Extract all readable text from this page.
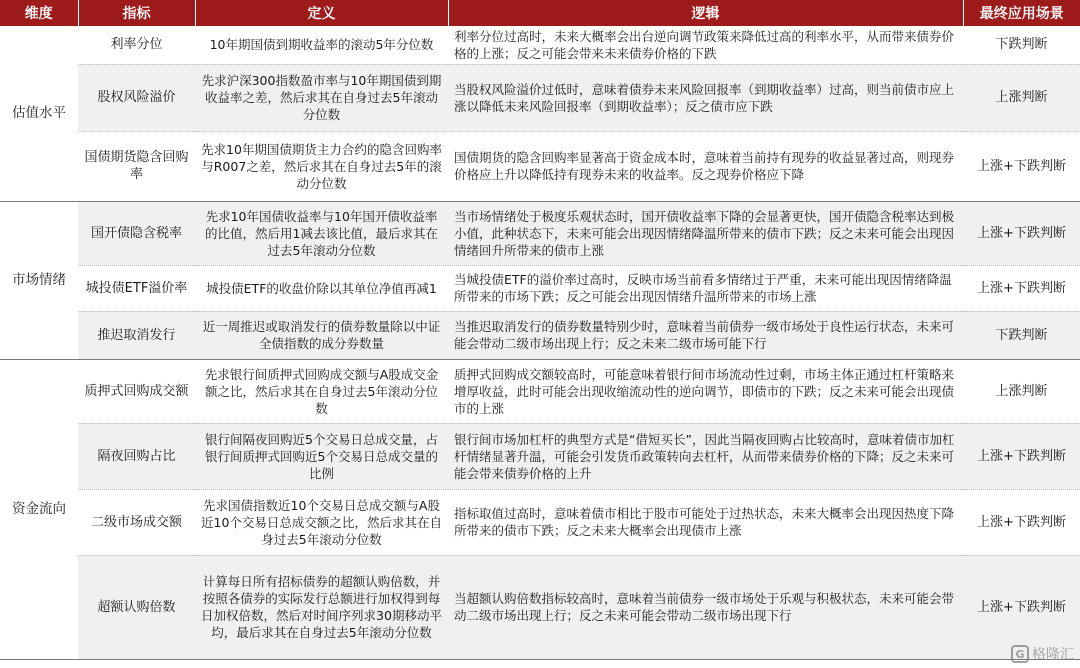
维度	指标	定义	逻辑	最终应用场景
估值水平	利率分位	10年期国债到期收益率的滚动5年分位数	利率分位过高时，未来大概率会出台逆向调节政策来降低过高的利率水平，从而带来债券价格的上涨；反之可能会带来未来债券价格的下跌	下跌判断
	股权风险溢价	先求沪深300指数盈市率与10年期国债到期收益率之差，然后求其在自身过去5年滚动分位数	当股权风险溢价过低时，意味着债券未来风险回报率（到期收益率）过高，则当前债市应上涨以降低未来风险回报率（到期收益率）；反之债市应下跌	上涨判断
	国债期货隐含回购率	先求10年期国债期货主力合约的隐含回购率与R007之差，然后求其在自身过去5年的滚动分位数	国债期货的隐含回购率显著高于资金成本时，意味着当前持有现券的收益显著过高，则现券价格应上升以降低持有现券未来的收益率。反之现券价格应下降	上涨+下跌判断
市场情绪	国开债隐含税率	先求10年国债收益率与10年国开债收益率的比值，然后用1减去该比值，最后求其在过去5年滚动分位数	当市场情绪处于极度乐观状态时，国开债收益率下降的会显著更快，国开债隐含税率达到极小值，此种状态下，未来可能会出现因情绪降温所带来的债市下跌；反之未来可能会出现因情绪回升所带来的债市上涨	上涨+下跌判断
	城投债ETF溢价率	城投债ETF的收盘价除以其单位净值再减1	当城投债ETF的溢价率过高时，反映市场当前看多情绪过于严重，未来可能出现因情绪降温所带来的市场下跌；反之可能会出现因情绪升温所带来的市场上涨	上涨+下跌判断
	推迟取消发行	近一周推迟或取消发行的债券数量除以中证全债指数的成分券数量	当推迟取消发行的债券数量特别少时，意味着当前债券一级市场处于良性运行状态，未来可能会带动二级市场出现上行；反之未来二级市场可能下行	下跌判断
资金流向	质押式回购成交额	先求银行间质押式回购成交额与A股成交金额之比，然后求其在自身过去5年滚动分位数	质押式回购成交额较高时，可能意味着银行间市场流动性过剩，市场主体正通过杠杆策略来增厚收益，此时可能会出现收缩流动性的逆向调节，即债市的下跌；反之未来可能会出现债市的上涨	上涨判断
	隔夜回购占比	银行间隔夜回购近5个交易日总成交量，占银行间质押式回购近5个交易日总成交量的比例	银行间市场加杠杆的典型方式是“借短买长”，因此当隔夜回购占比较高时，意味着债市加杠杆情绪显著升温，可能会引发货币政策转向去杠杆，从而带来债券价格的下降；反之未来可能会带来债券价格的上升	上涨+下跌判断
	二级市场成交额	先求国债指数近10个交易日总成交额与A股近10个交易日总成交额之比，然后求其在自身过去5年滚动分位数	指标取值过高时，意味着债市相比于股市可能处于过热状态，未来大概率会出现因热度下降所带来的债市下跌；反之未来大概率会出现债市上涨	上涨+下跌判断
	超额认购倍数	计算每日所有招标债券的超额认购倍数，并按照各债券的实际发行总额进行加权得到每日加权倍数，然后对时间序列求30期移动平均，最后求其在自身过去5年滚动分位数	当超额认购倍数指标较高时，意味着当前债券一级市场处于乐观与积极状态，未来可能会带动二级市场出现上行；反之未来可能会带动二级市场出现下行	上涨+下跌判断
G 格隆汇
